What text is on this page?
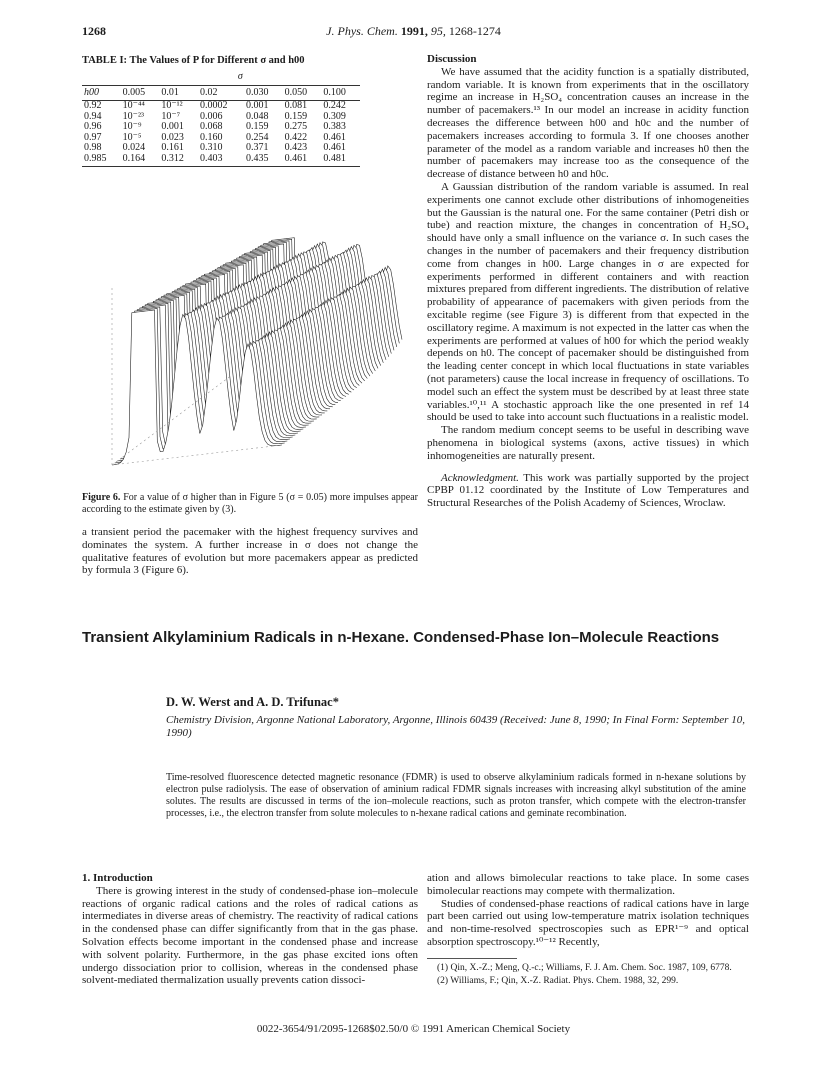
1268	J. Phys. Chem. 1991, 95, 1268-1274
TABLE I: The Values of P for Different σ and h00
	σ					
h00	0.005	0.01	0.02	0.030	0.050	0.100
0.92	10⁻⁴⁴	10⁻¹²	0.0002	0.001	0.081	0.242
0.94	10⁻²³	10⁻⁷	0.006	0.048	0.159	0.309
0.96	10⁻⁹	0.001	0.068	0.159	0.275	0.383
0.97	10⁻⁵	0.023	0.160	0.254	0.422	0.461
0.98	0.024	0.161	0.310	0.371	0.423	0.461
0.985	0.164	0.312	0.403	0.435	0.461	0.481
Figure 6. For a value of σ higher than in Figure 5 (σ = 0.05) more impulses appear according to the estimate given by (3).
a transient period the pacemaker with the highest frequency survives and dominates the system. A further increase in σ does not change the qualitative features of evolution but more pacemakers appear as predicted by formula 3 (Figure 6).
Discussion

We have assumed that the acidity function is a spatially distributed, random variable. It is known from experiments that in the oscillatory regime an increase in H₂SO₄ concentration causes an increase in the number of pacemakers.¹³ In our model an increase in acidity function decreases the difference between h00 and h0c and the number of pacemakers increases according to formula 3. If one chooses another parameter of the model as a random variable and increases h0 then the number of pacemakers may increase too as the consequence of the decrease of distance between h0 and h0c.

A Gaussian distribution of the random variable is assumed. In real experiments one cannot exclude other distributions of inhomogeneities but the Gaussian is the natural one. For the same container (Petri dish or tube) and reaction mixture, the changes in concentration of H₂SO₄ should have only a small influence on the variance σ. In such cases the changes in the number of pacemakers and their frequency distribution come from changes in h00. Large changes in σ are expected for experiments performed in different containers and with reaction mixtures prepared from different ingredients. The distribution of relative probability of appearance of pacemakers with given periods from the excitable regime (see Figure 3) is different from that expected in the oscillatory regime. A maximum is not expected in the latter cas when the experiments are performed at values of h00 for which the period weakly depends on h0. The concept of pacemaker should be distinguished from the leading center concept in which local fluctuations in state variables (not parameters) cause the local increase in frequency of oscillations. To model such an effect the system must be described by at least three state variables.¹⁰,¹¹ A stochastic approach like the one presented in ref 14 should be used to take into account such fluctuations in a realistic model.

The random medium concept seems to be useful in describing wave phenomena in biological systems (axons, active tissues) in which inhomogeneities are naturally present.

Acknowledgment. This work was partially supported by the project CPBP 01.12 coordinated by the Institute of Low Temperatures and Structural Researches of the Polish Academy of Sciences, Wroclaw.

Transient Alkylaminium Radicals in n-Hexane. Condensed-Phase Ion–Molecule Reactions
D. W. Werst and A. D. Trifunac*
Chemistry Division, Argonne National Laboratory, Argonne, Illinois 60439 (Received: June 8, 1990; In Final Form: September 10, 1990)
Time-resolved fluorescence detected magnetic resonance (FDMR) is used to observe alkylaminium radicals formed in n-hexane solutions by electron pulse radiolysis. The ease of observation of aminium radical FDMR signals increases with increasing alkyl substitution of the amine solutes. The results are discussed in terms of the ion–molecule reactions, such as proton transfer, which compete with the electron-transfer processes, i.e., the electron transfer from solute molecules to n-hexane radical cations and geminate recombination.
1. Introduction

There is growing interest in the study of condensed-phase ion–molecule reactions of organic radical cations and the roles of radical cations as intermediates in diverse areas of chemistry. The reactivity of radical cations in the condensed phase can differ significantly from that in the gas phase. Solvation effects become important in the condensed phase and increase with solvent polarity. Furthermore, in the gas phase excited ions often undergo dissociation prior to collision, whereas in the condensed phase solvent-mediated thermalization usually prevents cation dissoci-

ation and allows bimolecular reactions to take place. In some cases bimolecular reactions may compete with thermalization.

Studies of condensed-phase reactions of radical cations have in large part been carried out using low-temperature matrix isolation techniques and non-time-resolved spectroscopies such as EPR¹⁻⁹ and optical absorption spectroscopy.¹⁰⁻¹² Recently,

(1) Qin, X.-Z.; Meng, Q.-c.; Williams, F. J. Am. Chem. Soc. 1987, 109, 6778.

(2) Williams, F.; Qin, X.-Z. Radiat. Phys. Chem. 1988, 32, 299.

0022-3654/91/2095-1268$02.50/0 © 1991 American Chemical Society
